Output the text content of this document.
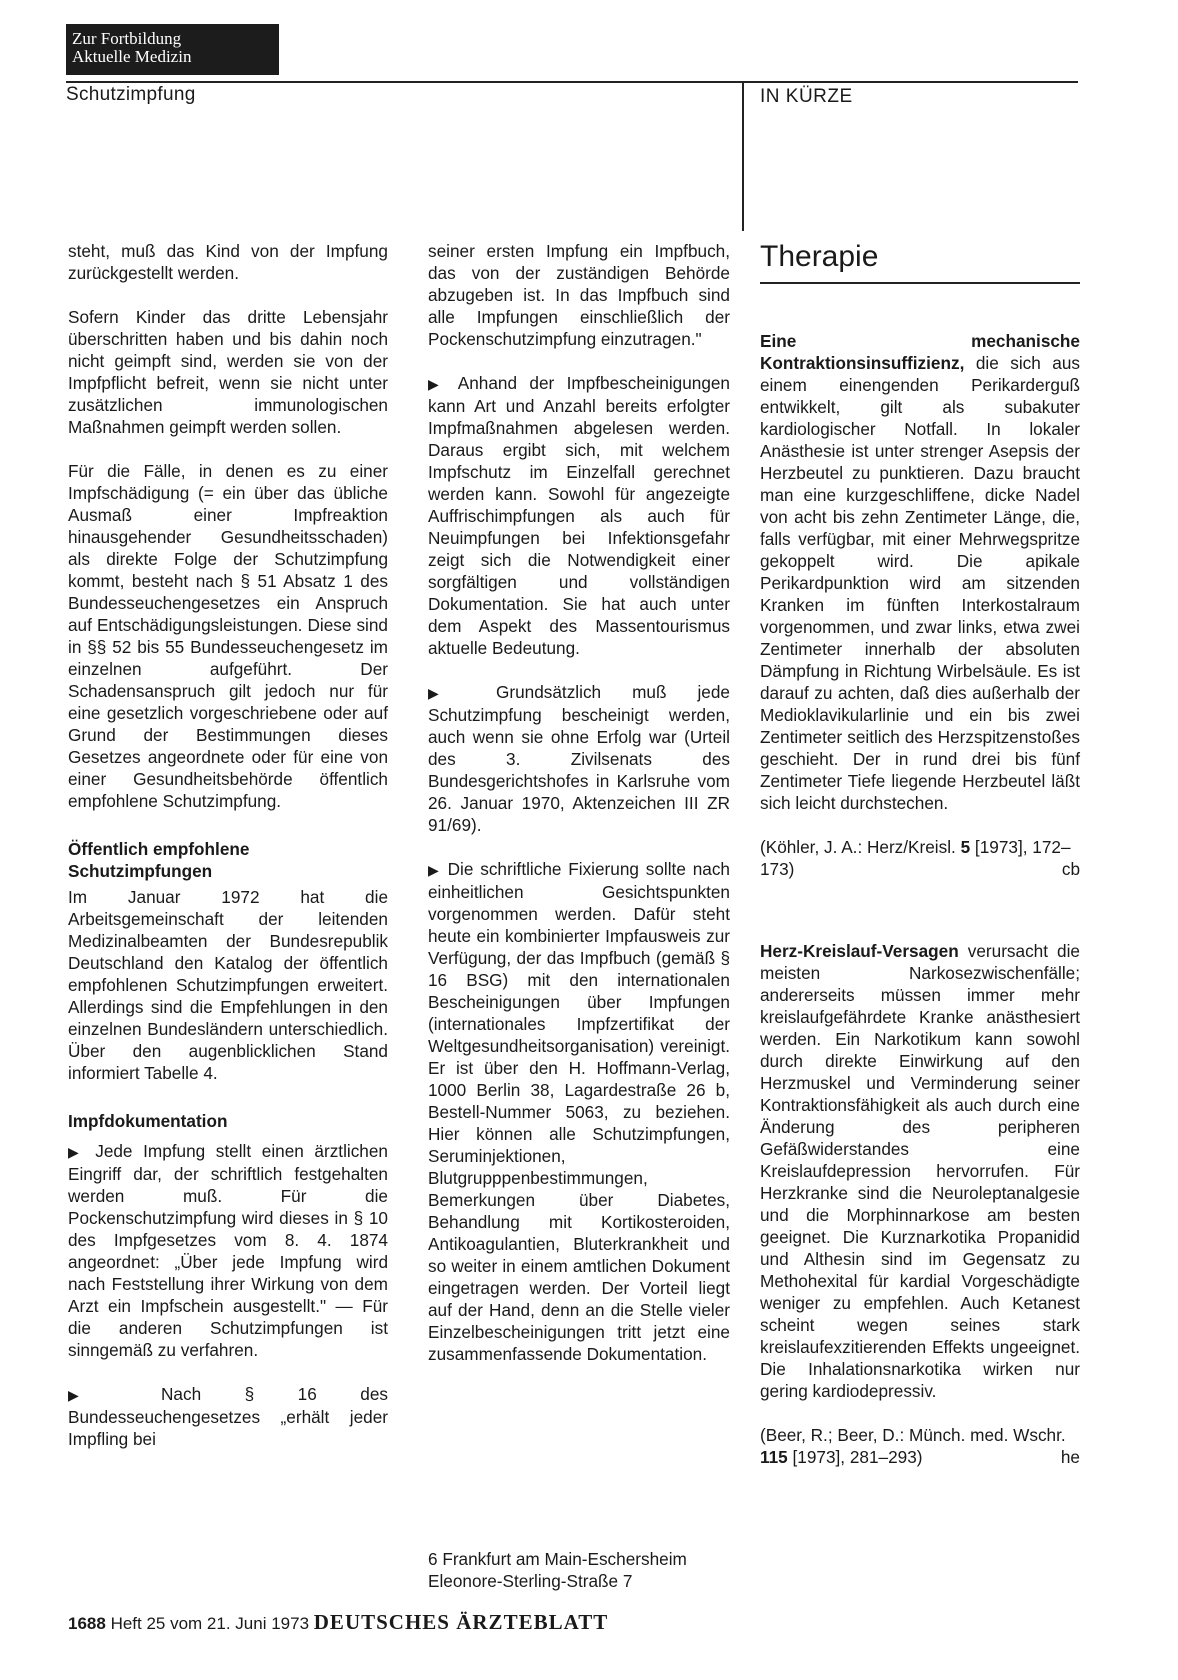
Zur Fortbildung
Aktuelle Medizin
Schutzimpfung	IN KÜRZE

steht, muß das Kind von der Impfung zurückgestellt werden.

Sofern Kinder das dritte Lebensjahr überschritten haben und bis dahin noch nicht geimpft sind, werden sie von der Impfpflicht befreit, wenn sie nicht unter zusätzlichen immunologischen Maßnahmen geimpft werden sollen.

Für die Fälle, in denen es zu einer Impfschädigung (= ein über das übliche Ausmaß einer Impfreaktion hinausgehender Gesundheitsschaden) als direkte Folge der Schutzimpfung kommt, besteht nach § 51 Absatz 1 des Bundesseuchengesetzes ein Anspruch auf Entschädigungsleistungen. Diese sind in §§ 52 bis 55 Bundesseuchengesetz im einzelnen aufgeführt. Der Schadensanspruch gilt jedoch nur für eine gesetzlich vorgeschriebene oder auf Grund der Bestimmungen dieses Gesetzes angeordnete oder für eine von einer Gesundheitsbehörde öffentlich empfohlene Schutzimpfung.

Öffentlich empfohlene Schutzimpfungen

Im Januar 1972 hat die Arbeitsgemeinschaft der leitenden Medizinalbeamten der Bundesrepublik Deutschland den Katalog der öffentlich empfohlenen Schutzimpfungen erweitert. Allerdings sind die Empfehlungen in den einzelnen Bundesländern unterschiedlich. Über den augenblicklichen Stand informiert Tabelle 4.

Impfdokumentation

▶ Jede Impfung stellt einen ärztlichen Eingriff dar, der schriftlich festgehalten werden muß. Für die Pockenschutzimpfung wird dieses in § 10 des Impfgesetzes vom 8. 4. 1874 angeordnet: „Über jede Impfung wird nach Feststellung ihrer Wirkung von dem Arzt ein Impfschein ausgestellt." — Für die anderen Schutzimpfungen ist sinngemäß zu verfahren.

▶	Nach § 16 des Bundesseuchengesetzes „erhält jeder Impfling bei

seiner ersten Impfung ein Impfbuch, das von der zuständigen Behörde abzugeben ist. In das Impfbuch sind alle Impfungen einschließlich der Pockenschutzimpfung einzutragen."

▶ Anhand der Impfbescheinigungen kann Art und Anzahl bereits erfolgter Impfmaßnahmen abgelesen werden. Daraus ergibt sich, mit welchem Impfschutz im Einzelfall gerechnet werden kann. Sowohl für angezeigte Auffrischimpfungen als auch für Neuimpfungen bei Infektionsgefahr zeigt sich die Notwendigkeit einer sorgfältigen und vollständigen Dokumentation. Sie hat auch unter dem Aspekt des Massentourismus aktuelle Bedeutung.

▶ Grundsätzlich muß jede Schutzimpfung bescheinigt werden, auch wenn sie ohne Erfolg war (Urteil des 3. Zivilsenats des Bundesgerichtshofes in Karlsruhe vom 26. Januar 1970, Aktenzeichen III ZR 91/69).

▶ Die schriftliche Fixierung sollte nach einheitlichen Gesichtspunkten vorgenommen werden. Dafür steht heute ein kombinierter Impfausweis zur Verfügung, der das Impfbuch (gemäß § 16 BSG) mit den internationalen Bescheinigungen über Impfungen (internationales Impfzertifikat der Weltgesundheitsorganisation) vereinigt. Er ist über den H. Hoffmann-Verlag, 1000 Berlin 38, Lagardestraße 26 b, Bestell-Nummer 5063, zu beziehen. Hier können alle Schutzimpfungen, Seruminjektionen, Blutgrupppenbestimmungen, Bemerkungen über Diabetes, Behandlung mit Kortikosteroiden, Antikoagulantien, Bluterkrankheit und so weiter in einem amtlichen Dokument eingetragen werden. Der Vorteil liegt auf der Hand, denn an die Stelle vieler Einzelbescheinigungen tritt jetzt eine zusammenfassende Dokumentation.

6 Frankfurt am Main-Eschersheim
Eleonore-Sterling-Straße 7
Therapie

Eine mechanische Kontraktionsinsuffizienz, die sich aus einem einengenden Perikarderguß entwikkelt, gilt als subakuter kardiologischer Notfall. In lokaler Anästhesie ist unter strenger Asepsis der Herzbeutel zu punktieren. Dazu braucht man eine kurzgeschliffene, dicke Nadel von acht bis zehn Zentimeter Länge, die, falls verfügbar, mit einer Mehrwegspritze gekoppelt wird. Die apikale Perikardpunktion wird am sitzenden Kranken im fünften Interkostalraum vorgenommen, und zwar links, etwa zwei Zentimeter innerhalb der absoluten Dämpfung in Richtung Wirbelsäule. Es ist darauf zu achten, daß dies außerhalb der Medioklavikularlinie und ein bis zwei Zentimeter seitlich des Herzspitzenstoßes geschieht. Der in rund drei bis fünf Zentimeter Tiefe liegende Herzbeutel läßt sich leicht durchstechen.

(Köhler, J. A.: Herz/Kreisl. 5 [1973], 172–173)	cb

Herz-Kreislauf-Versagen verursacht die meisten Narkosezwischenfälle; andererseits müssen immer mehr kreislaufgefährdete Kranke anästhesiert werden. Ein Narkotikum kann sowohl durch direkte Einwirkung auf den Herzmuskel und Verminderung seiner Kontraktionsfähigkeit als auch durch eine Änderung des peripheren Gefäßwiderstandes eine Kreislaufdepression hervorrufen. Für Herzkranke sind die Neuroleptanalgesie und die Morphinnarkose am besten geeignet. Die Kurznarkotika Propanidid und Althesin sind im Gegensatz zu Methohexital für kardial Vorgeschädigte weniger zu empfehlen. Auch Ketanest scheint wegen seines stark kreislaufexzitierenden Effekts ungeeignet. Die Inhalationsnarkotika wirken nur gering kardiodepressiv.

(Beer, R.; Beer, D.: Münch. med. Wschr. 115 [1973], 281–293)	he

1688 Heft 25 vom 21. Juni 1973 DEUTSCHES ÄRZTEBLATT
